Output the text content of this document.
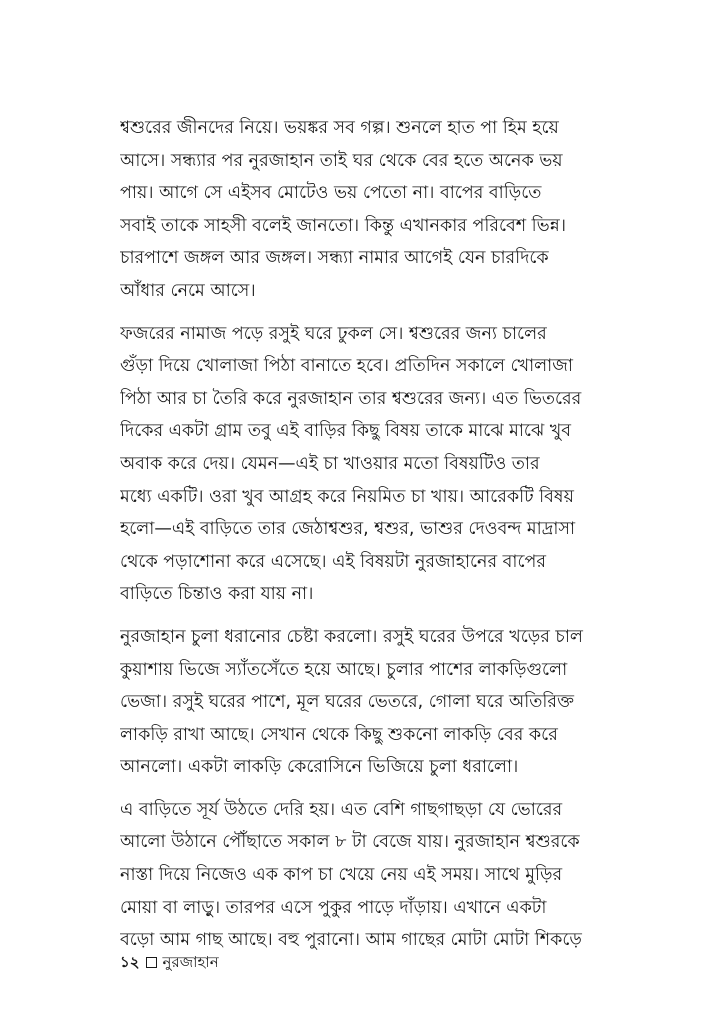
শ্বশুরের জীনদের নিয়ে। ভয়ঙ্কর সব গল্প। শুনলে হাত পা হিম হয়ে
আসে। সন্ধ্যার পর নুরজাহান তাই ঘর থেকে বের হতে অনেক ভয়
পায়। আগে সে এইসব মোটেও ভয় পেতো না। বাপের বাড়িতে
সবাই তাকে সাহসী বলেই জানতো। কিন্তু এখানকার পরিবেশ ভিন্ন।
চারপাশে জঙ্গল আর জঙ্গল। সন্ধ্যা নামার আগেই যেন চারদিকে
আঁধার নেমে আসে।

ফজরের নামাজ পড়ে রসুই ঘরে ঢুকল সে। শ্বশুরের জন্য চালের
গুঁড়া দিয়ে খোলাজা পিঠা বানাতে হবে। প্রতিদিন সকালে খোলাজা
পিঠা আর চা তৈরি করে নুরজাহান তার শ্বশুরের জন্য। এত ভিতরের
দিকের একটা গ্রাম তবু এই বাড়ির কিছু বিষয় তাকে মাঝে মাঝে খুব
অবাক করে দেয়। যেমন—এই চা খাওয়ার মতো বিষয়টিও তার
মধ্যে একটি। ওরা খুব আগ্রহ করে নিয়মিত চা খায়। আরেকটি বিষয়
হলো—এই বাড়িতে তার জেঠাশ্বশুর, শ্বশুর, ভাশুর দেওবন্দ মাদ্রাসা
থেকে পড়াশোনা করে এসেছে। এই বিষয়টা নুরজাহানের বাপের
বাড়িতে চিন্তাও করা যায় না।

নুরজাহান চুলা ধরানোর চেষ্টা করলো। রসুই ঘরের উপরে খড়ের চাল
কুয়াশায় ভিজে স্যাঁতসেঁতে হয়ে আছে। চুলার পাশের লাকড়িগুলো
ভেজা। রসুই ঘরের পাশে, মূল ঘরের ভেতরে, গোলা ঘরে অতিরিক্ত
লাকড়ি রাখা আছে। সেখান থেকে কিছু শুকনো লাকড়ি বের করে
আনলো। একটা লাকড়ি কেরোসিনে ভিজিয়ে চুলা ধরালো।

এ বাড়িতে সূর্য উঠতে দেরি হয়। এত বেশি গাছগাছড়া যে ভোরের
আলো উঠানে পৌঁছাতে সকাল ৮ টা বেজে যায়। নুরজাহান শ্বশুরকে
নাস্তা দিয়ে নিজেও এক কাপ চা খেয়ে নেয় এই সময়। সাথে মুড়ির
মোয়া বা লাড়ু। তারপর এসে পুকুর পাড়ে দাঁড়ায়। এখানে একটা
বড়ো আম গাছ আছে। বহু পুরানো। আম গাছের মোটা মোটা শিকড়ে

১২ নুরজাহান
